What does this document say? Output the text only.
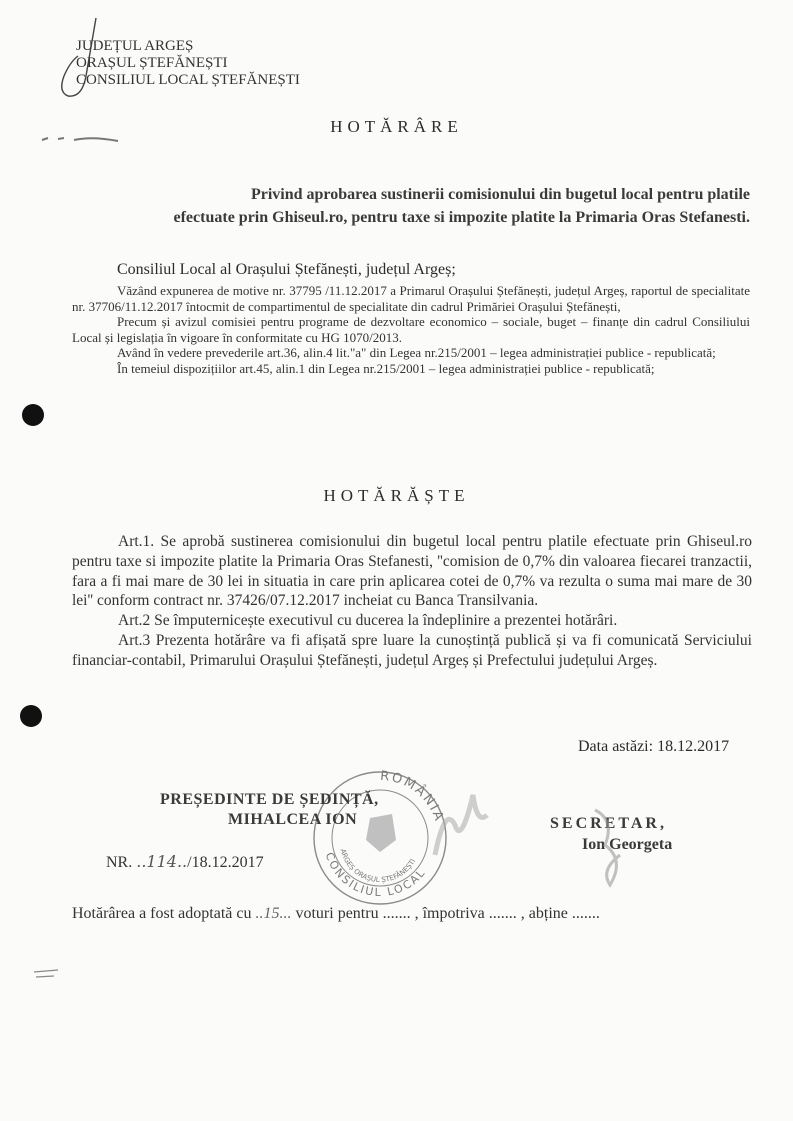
JUDEȚUL ARGEȘ
ORAȘUL ȘTEFĂNEȘTI
CONSILIUL LOCAL ȘTEFĂNEȘTI
HOTĂRÂRE
Privind aprobarea sustinerii comisionului din bugetul local pentru platile
efectuate prin Ghiseul.ro, pentru taxe si impozite platite la Primaria Oras Stefanesti.
Consiliul Local al Orașului Ștefănești, județul Argeș;

Văzând expunerea de motive nr. 37795 /11.12.2017 a Primarul Orașului Ștefănești, județul Argeș, raportul de specialitate nr. 37706/11.12.2017 întocmit de compartimentul de specialitate din cadrul Primăriei Orașului Ștefănești,

Precum și avizul comisiei pentru programe de dezvoltare economico – sociale, buget – finanțe din cadrul Consiliului Local și legislația în vigoare în conformitate cu HG 1070/2013.

Având în vedere prevederile art.36, alin.4 lit."a" din Legea nr.215/2001 – legea administrației publice - republicată;

În temeiul dispozițiilor art.45, alin.1 din Legea nr.215/2001 – legea administrației publice - republicată;

HOTĂRĂȘTE

Art.1. Se aprobă sustinerea comisionului din bugetul local pentru platile efectuate prin Ghiseul.ro pentru taxe si impozite platite la Primaria Oras Stefanesti, ''comision de 0,7% din valoarea fiecarei tranzactii, fara a fi mai mare de 30 lei in situatia in care prin aplicarea cotei de 0,7% va rezulta o suma mai mare de 30 lei'' conform contract nr. 37426/07.12.2017 incheiat cu Banca Transilvania.

Art.2 Se împuternicește executivul cu ducerea la îndeplinire a prezentei hotărâri.

Art.3 Prezenta hotărâre va fi afișată spre luare la cunoștință publică și va fi comunicată Serviciului financiar-contabil, Primarului Orașului Ștefănești, județul Argeș și Prefectului județului Argeș.

Data astăzi: 18.12.2017
ROMÂNIA
CONSILIUL LOCAL
ARGEȘ ORAȘUL ȘTEFĂNEȘTI
PREȘEDINTE DE ȘEDINȚĂ,
MIHALCEA ION	SECRETAR,
Ion Georgeta
NR. ..114../18.12.2017
Hotărârea a fost adoptată cu ..15... voturi pentru ....... , împotriva ....... , abține .......
